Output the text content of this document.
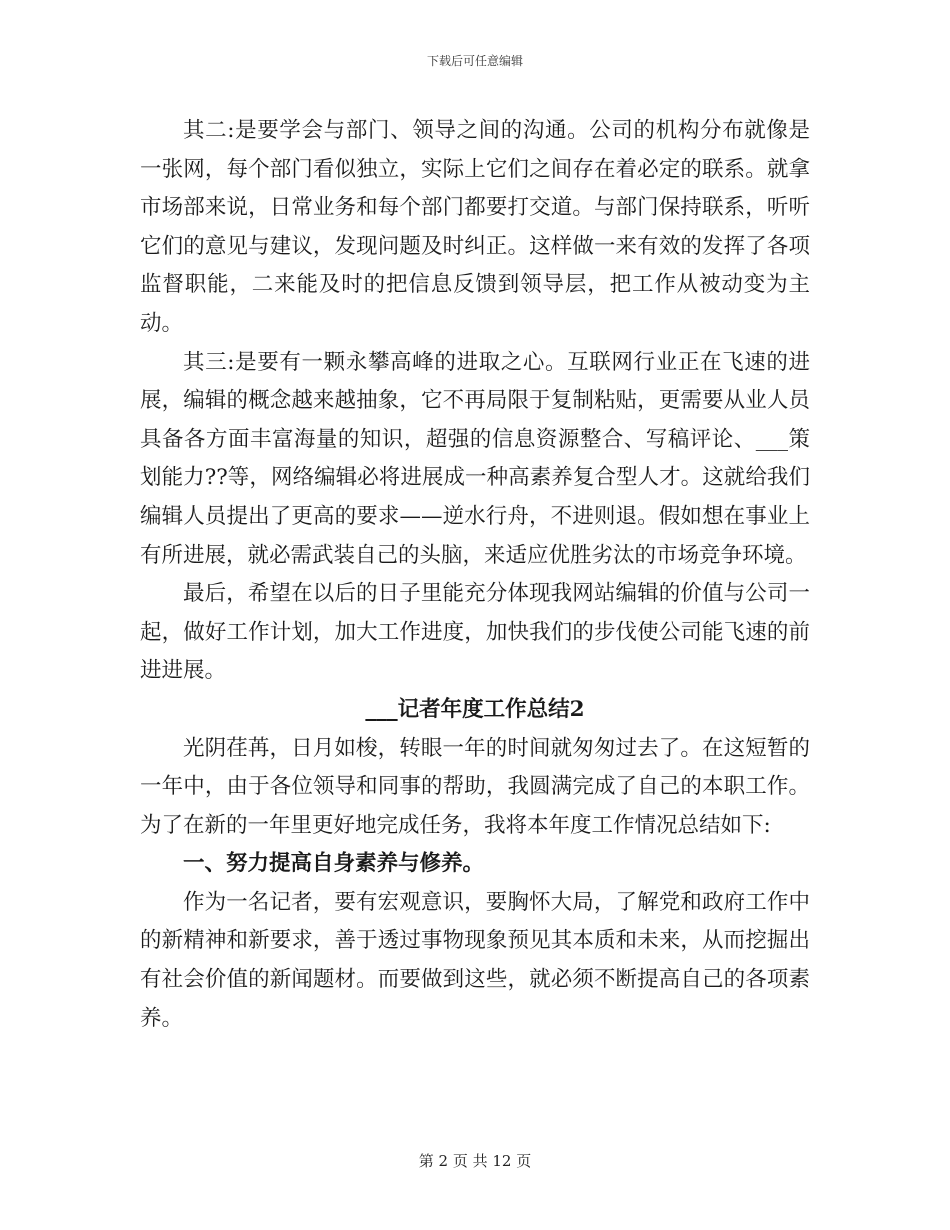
下载后可任意编辑

其二:是要学会与部门、领导之间的沟通。公司的机构分布就像是一张网，每个部门看似独立，实际上它们之间存在着必定的联系。就拿市场部来说，日常业务和每个部门都要打交道。与部门保持联系，听听它们的意见与建议，发现问题及时纠正。这样做一来有效的发挥了各项监督职能，二来能及时的把信息反馈到领导层，把工作从被动变为主动。

其三:是要有一颗永攀高峰的进取之心。互联网行业正在飞速的进展，编辑的概念越来越抽象，它不再局限于复制粘贴，更需要从业人员具备各方面丰富海量的知识，超强的信息资源整合、写稿评论、___策划能力??等，网络编辑必将进展成一种高素养复合型人才。这就给我们编辑人员提出了更高的要求——逆水行舟，不进则退。假如想在事业上有所进展，就必需武装自己的头脑，来适应优胜劣汰的市场竞争环境。

最后，希望在以后的日子里能充分体现我网站编辑的价值与公司一起，做好工作计划，加大工作进度，加快我们的步伐使公司能飞速的前进进展。

___记者年度工作总结2

光阴荏苒，日月如梭，转眼一年的时间就匆匆过去了。在这短暂的一年中，由于各位领导和同事的帮助，我圆满完成了自己的本职工作。为了在新的一年里更好地完成任务，我将本年度工作情况总结如下:

一、努力提高自身素养与修养。

作为一名记者，要有宏观意识，要胸怀大局，了解党和政府工作中的新精神和新要求，善于透过事物现象预见其本质和未来，从而挖掘出有社会价值的新闻题材。而要做到这些，就必须不断提高自己的各项素养。

第 2 页 共 12 页
